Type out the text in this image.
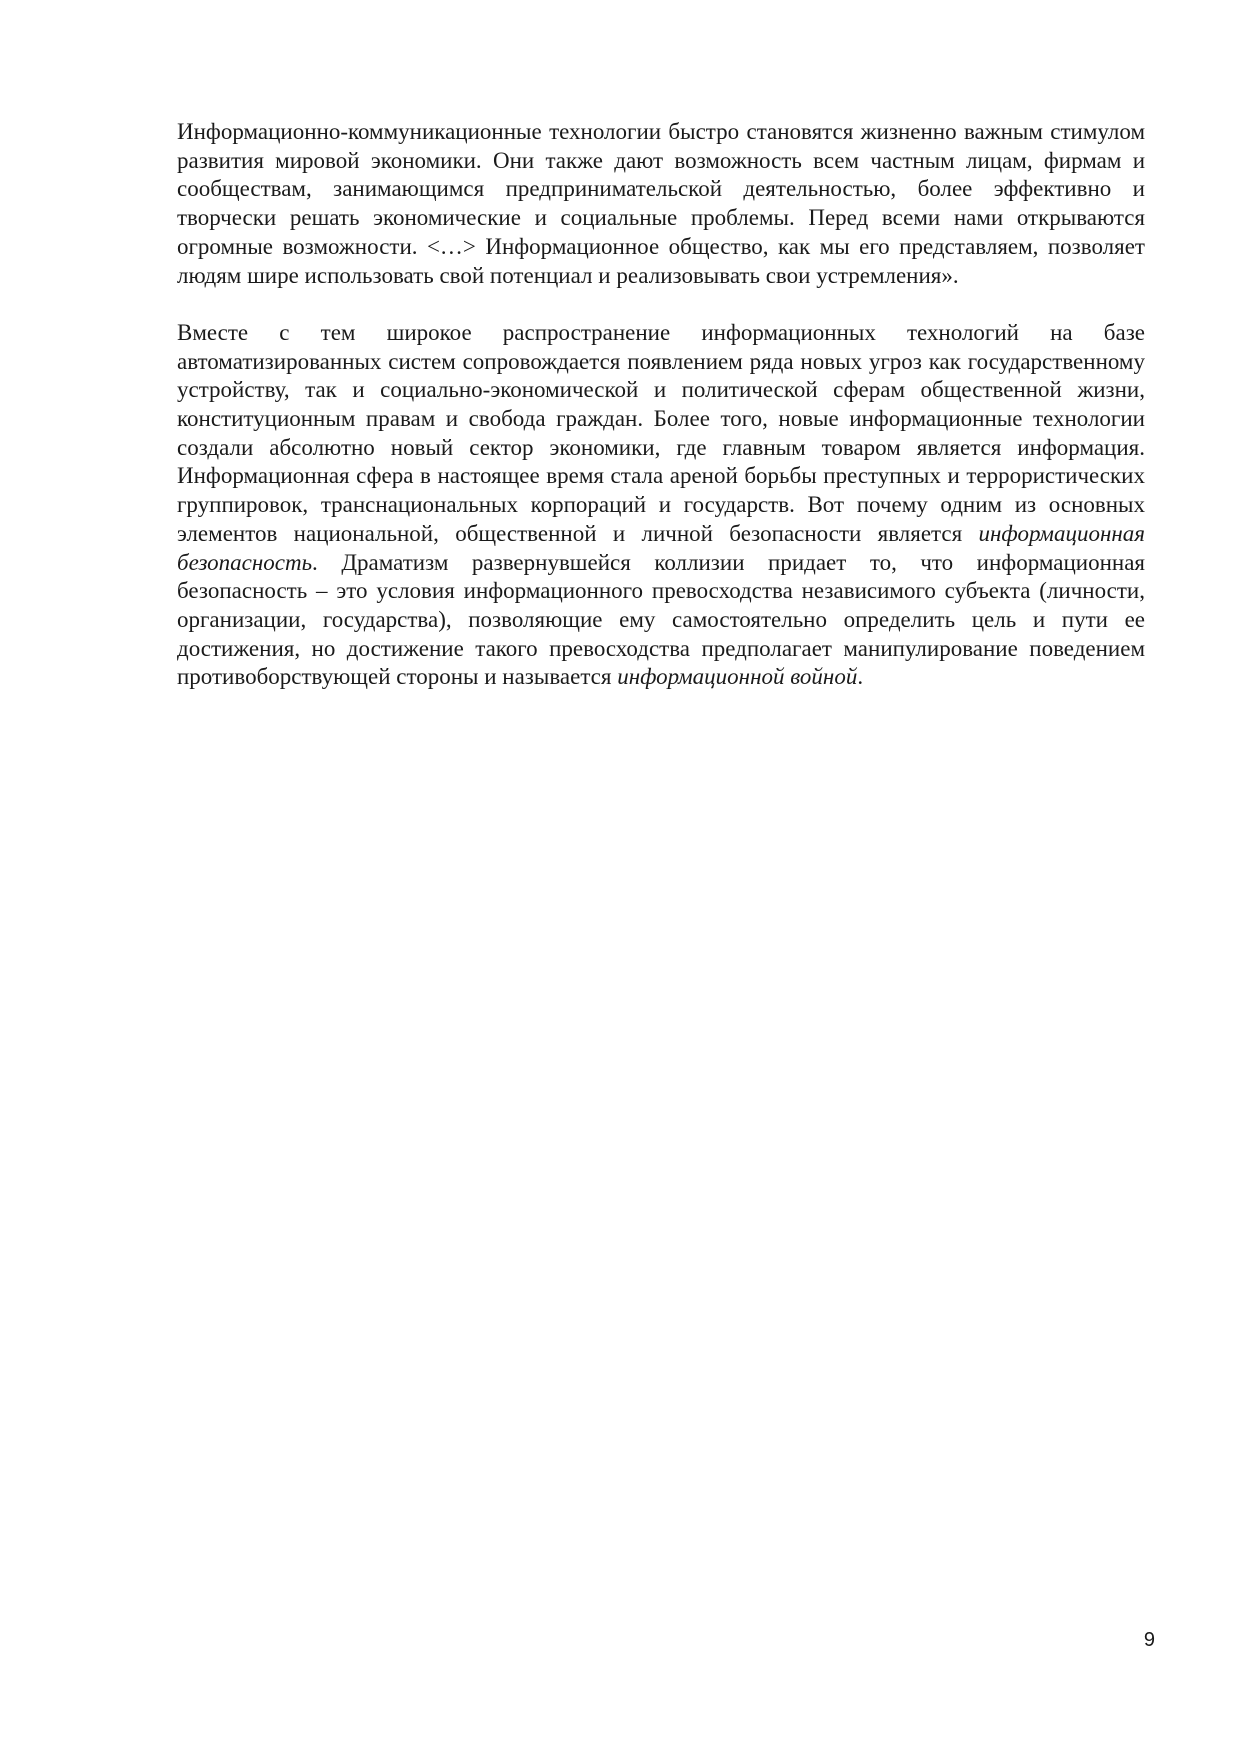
Информационно-коммуникационные технологии быстро становятся жизненно важным стимулом развития мировой экономики. Они также дают возможность всем частным лицам, фирмам и сообществам, занимающимся предпринимательской деятельностью, более эффективно и творчески решать экономические и социальные проблемы. Перед всеми нами открываются огромные возможности. <…> Информационное общество, как мы его представляем, позволяет людям шире использовать свой потенциал и реализовывать свои устремления».

Вместе с тем широкое распространение информационных технологий на базе автоматизированных систем сопровождается появлением ряда новых угроз как государственному устройству, так и социально-экономической и политической сферам общественной жизни, конституционным правам и свобода граждан. Более того, новые информационные технологии создали абсолютно новый сектор экономики, где главным товаром является информация. Информационная сфера в настоящее время стала ареной борьбы преступных и террористических группировок, транснациональных корпораций и государств. Вот почему одним из основных элементов национальной, общественной и личной безопасности является информационная безопасность. Драматизм развернувшейся коллизии придает то, что информационная безопасность – это условия информационного превосходства независимого субъекта (личности, организации, государства), позволяющие ему самостоятельно определить цель и пути ее достижения, но достижение такого превосходства предполагает манипулирование поведением противоборствующей стороны и называется информационной войной.

9
